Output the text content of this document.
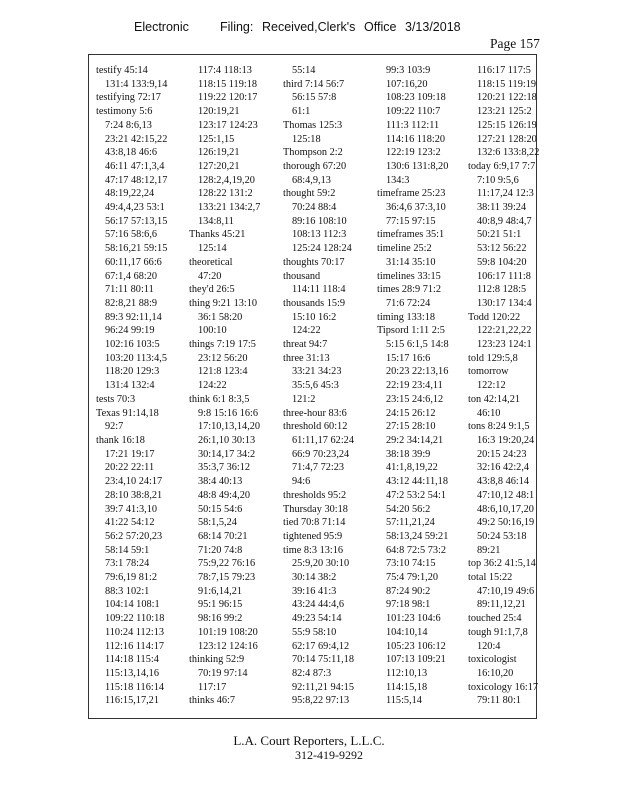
Electronic Filing: Received,Clerk's Office 3/13/2018
Page 157
testify 45:14
131:4 133:9,14
testifying 72:17
testimony 5:6
7:24 8:6,13
23:21 42:15,22
43:8,18 46:6
46:11 47:1,3,4
47:17 48:12,17
48:19,22,24
49:4,4,23 53:1
56:17 57:13,15
57:16 58:6,6
58:16,21 59:15
60:11,17 66:6
67:1,4 68:20
71:11 80:11
82:8,21 88:9
89:3 92:11,14
96:24 99:19
102:16 103:5
103:20 113:4,5
118:20 129:3
131:4 132:4
tests 70:3
Texas 91:14,18
92:7
thank 16:18
17:21 19:17
20:22 22:11
23:4,10 24:17
28:10 38:8,21
39:7 41:3,10
41:22 54:12
56:2 57:20,23
58:14 59:1
73:1 78:24
79:6,19 81:2
88:3 102:1
104:14 108:1
109:22 110:18
110:24 112:13
112:16 114:17
114:18 115:4
115:13,14,16
115:18 116:14
116:15,17,21
117:4 118:13
118:15 119:18
119:22 120:17
120:19,21
123:17 124:23
125:1,15
126:19,21
127:20,21
128:2,4,19,20
128:22 131:2
133:21 134:2,7
134:8,11
Thanks 45:21
125:14
theoretical
47:20
they'd 26:5
thing 9:21 13:10
36:1 58:20
100:10
things 7:19 17:5
23:12 56:20
121:8 123:4
124:22
think 6:1 8:3,5
9:8 15:16 16:6
17:10,13,14,20
26:1,10 30:13
30:14,17 34:2
35:3,7 36:12
38:4 40:13
48:8 49:4,20
50:15 54:6
58:1,5,24
68:14 70:21
71:20 74:8
75:9,22 76:16
78:7,15 79:23
91:6,14,21
95:1 96:15
98:16 99:2
101:19 108:20
123:12 124:16
thinking 52:9
70:19 97:14
117:17
thinks 46:7
55:14
third 7:14 56:7
56:15 57:8
61:1
Thomas 125:3
125:18
Thompson 2:2
thorough 67:20
68:4,9,13
thought 59:2
70:24 88:4
89:16 108:10
108:13 112:3
125:24 128:24
thoughts 70:17
thousand
114:11 118:4
thousands 15:9
15:10 16:2
124:22
threat 94:7
three 31:13
33:21 34:23
35:5,6 45:3
121:2
three-hour 83:6
threshold 60:12
61:11,17 62:24
66:9 70:23,24
71:4,7 72:23
94:6
thresholds 95:2
Thursday 30:18
tied 70:8 71:14
tightened 95:9
time 8:3 13:16
25:9,20 30:10
30:14 38:2
39:16 41:3
43:24 44:4,6
49:23 54:14
55:9 58:10
62:17 69:4,12
70:14 75:11,18
82:4 87:3
92:11,21 94:15
95:8,22 97:13
99:3 103:9
107:16,20
108:23 109:18
109:22 110:7
111:3 112:11
114:16 118:20
122:19 123:2
130:6 131:8,20
134:3
timeframe 25:23
36:4,6 37:3,10
77:15 97:15
timeframes 35:1
timeline 25:2
31:14 35:10
timelines 33:15
times 28:9 71:2
71:6 72:24
timing 133:18
Tipsord 1:11 2:5
5:15 6:1,5 14:8
15:17 16:6
20:23 22:13,16
22:19 23:4,11
23:15 24:6,12
24:15 26:12
27:15 28:10
29:2 34:14,21
38:18 39:9
41:1,8,19,22
43:12 44:11,18
47:2 53:2 54:1
54:20 56:2
57:11,21,24
58:13,24 59:21
64:8 72:5 73:2
73:10 74:15
75:4 79:1,20
87:24 90:2
97:18 98:1
101:23 104:6
104:10,14
105:23 106:12
107:13 109:21
112:10,13
114:15,18
115:5,14
116:17 117:5
118:15 119:19
120:21 122:18
123:21 125:2
125:15 126:19
127:21 128:20
132:6 133:8,22
today 6:9,17 7:7
7:10 9:5,6
11:17,24 12:3
38:11 39:24
40:8,9 48:4,7
50:21 51:1
53:12 56:22
59:8 104:20
106:17 111:8
112:8 128:5
130:17 134:4
Todd 120:22
122:21,22,22
123:23 124:1
told 129:5,8
tomorrow
122:12
ton 42:14,21
46:10
tons 8:24 9:1,5
16:3 19:20,24
20:15 24:23
32:16 42:2,4
43:8,8 46:14
47:10,12 48:1
48:6,10,17,20
49:2 50:16,19
50:24 53:18
89:21
top 36:2 41:5,14
total 15:22
47:10,19 49:6
89:11,12,21
touched 25:4
tough 91:1,7,8
120:4
toxicologist
16:10,20
toxicology 16:17
79:11 80:1
L.A. Court Reporters, L.L.C.
312-419-9292
